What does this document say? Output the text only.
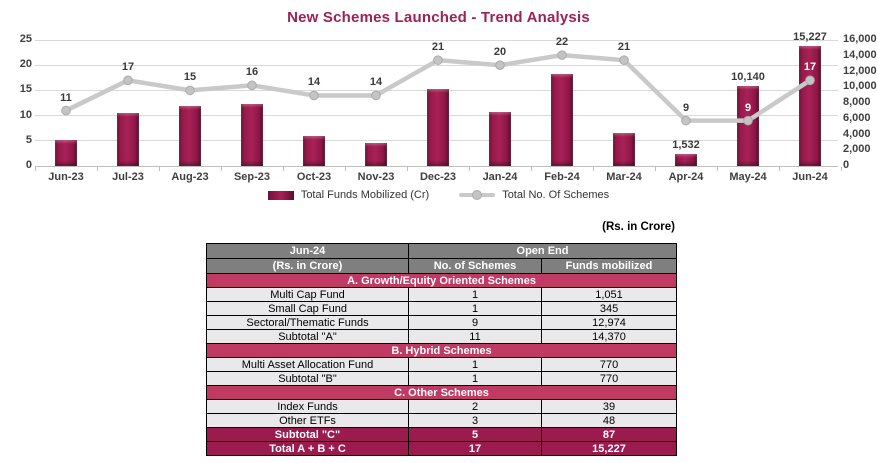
New Schemes Launched - Trend Analysis
0
5
10
15
20
25
0
2,000
4,000
6,000
8,000
10,000
12,000
14,000
16,000
Jun-23	Jul-23	Aug-23	Sep-23	Oct-23	Nov-23	Dec-23	Jan-24	Feb-24	Mar-24	Apr-24	May-24	Jun-24
1,532
10,140
15,227
11
17
15	16
14	14
21	20
22	21
9	9
17
Total Funds Mobilized (Cr)	Total No. Of Schemes
(Rs. in Crore)
Jun-24	Open End	
(Rs. in Crore)	No. of Schemes	Funds mobilized
A. Growth/Equity Oriented Schemes		
Multi Cap Fund	1	1,051
Small Cap Fund	1	345
Sectoral/Thematic Funds	9	12,974
Subtotal "A"	11	14,370
B. Hybrid Schemes		
Multi Asset Allocation Fund	1	770
Subtotal "B"	1	770
C. Other Schemes		
Index Funds	2	39
Other ETFs	3	48
Subtotal "C"	5	87
Total A + B + C	17	15,227
